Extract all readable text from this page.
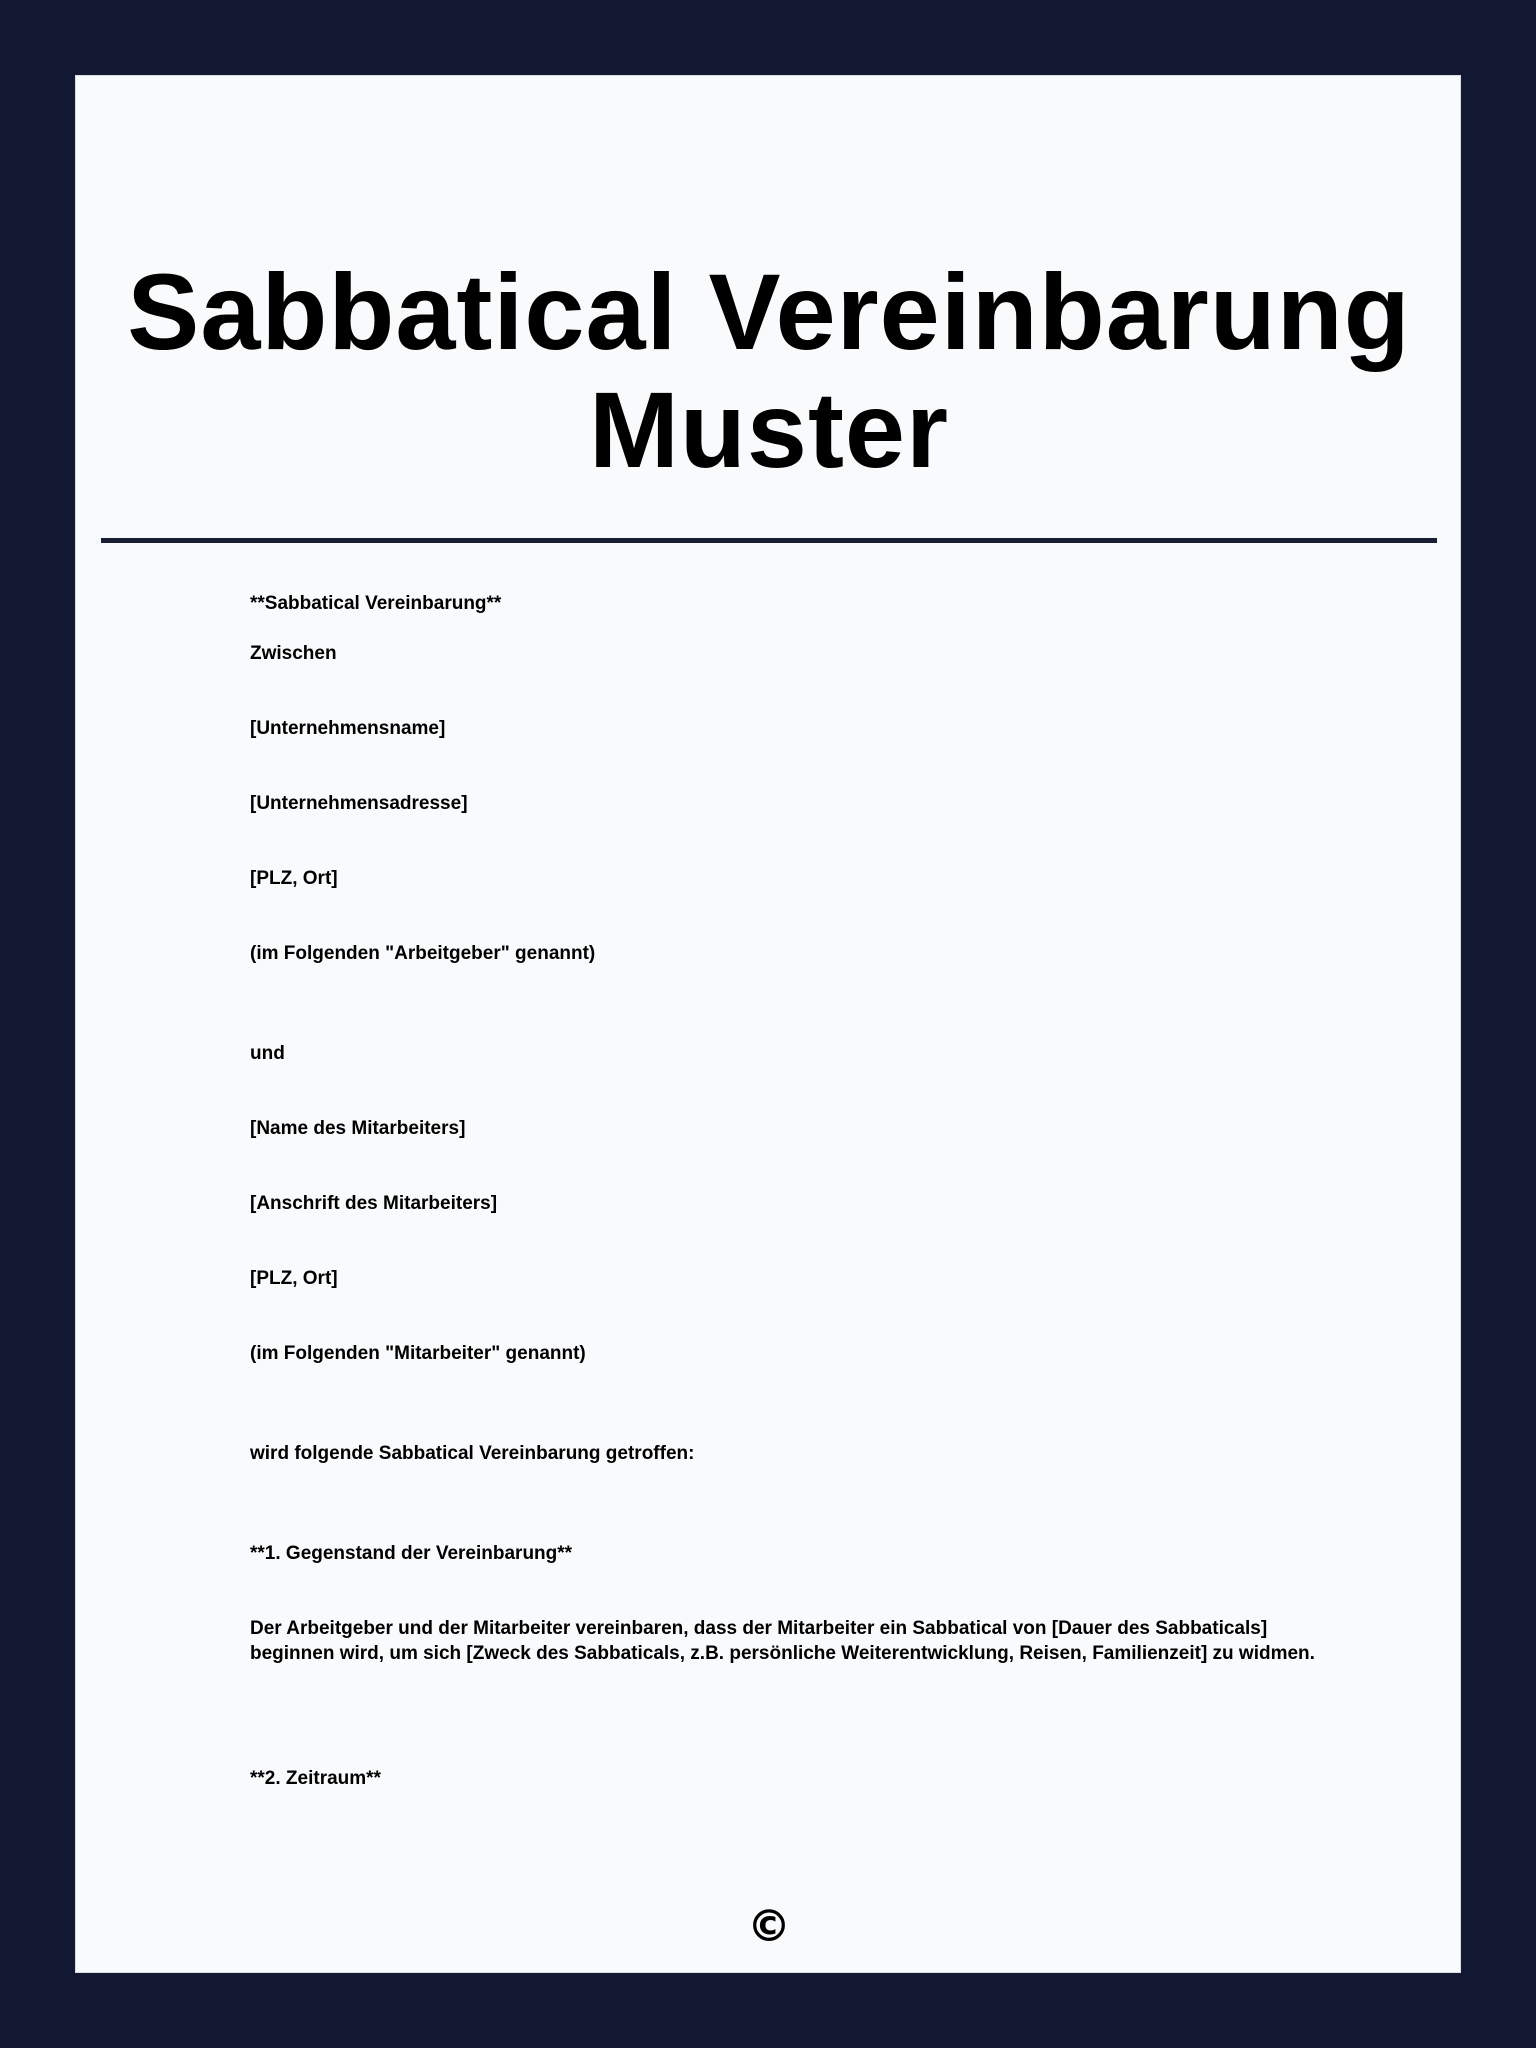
Sabbatical Vereinbarung
Muster

**Sabbatical Vereinbarung**

Zwischen

[Unternehmensname]

[Unternehmensadresse]

[PLZ, Ort]

(im Folgenden "Arbeitgeber" genannt)

und

[Name des Mitarbeiters]

[Anschrift des Mitarbeiters]

[PLZ, Ort]

(im Folgenden "Mitarbeiter" genannt)

wird folgende Sabbatical Vereinbarung getroffen:

**1. Gegenstand der Vereinbarung**

Der Arbeitgeber und der Mitarbeiter vereinbaren, dass der Mitarbeiter ein Sabbatical von [Dauer des Sabbaticals] beginnen wird, um sich [Zweck des Sabbaticals, z.B. persönliche Weiterentwicklung, Reisen, Familienzeit] zu widmen.

**2. Zeitraum**

©
